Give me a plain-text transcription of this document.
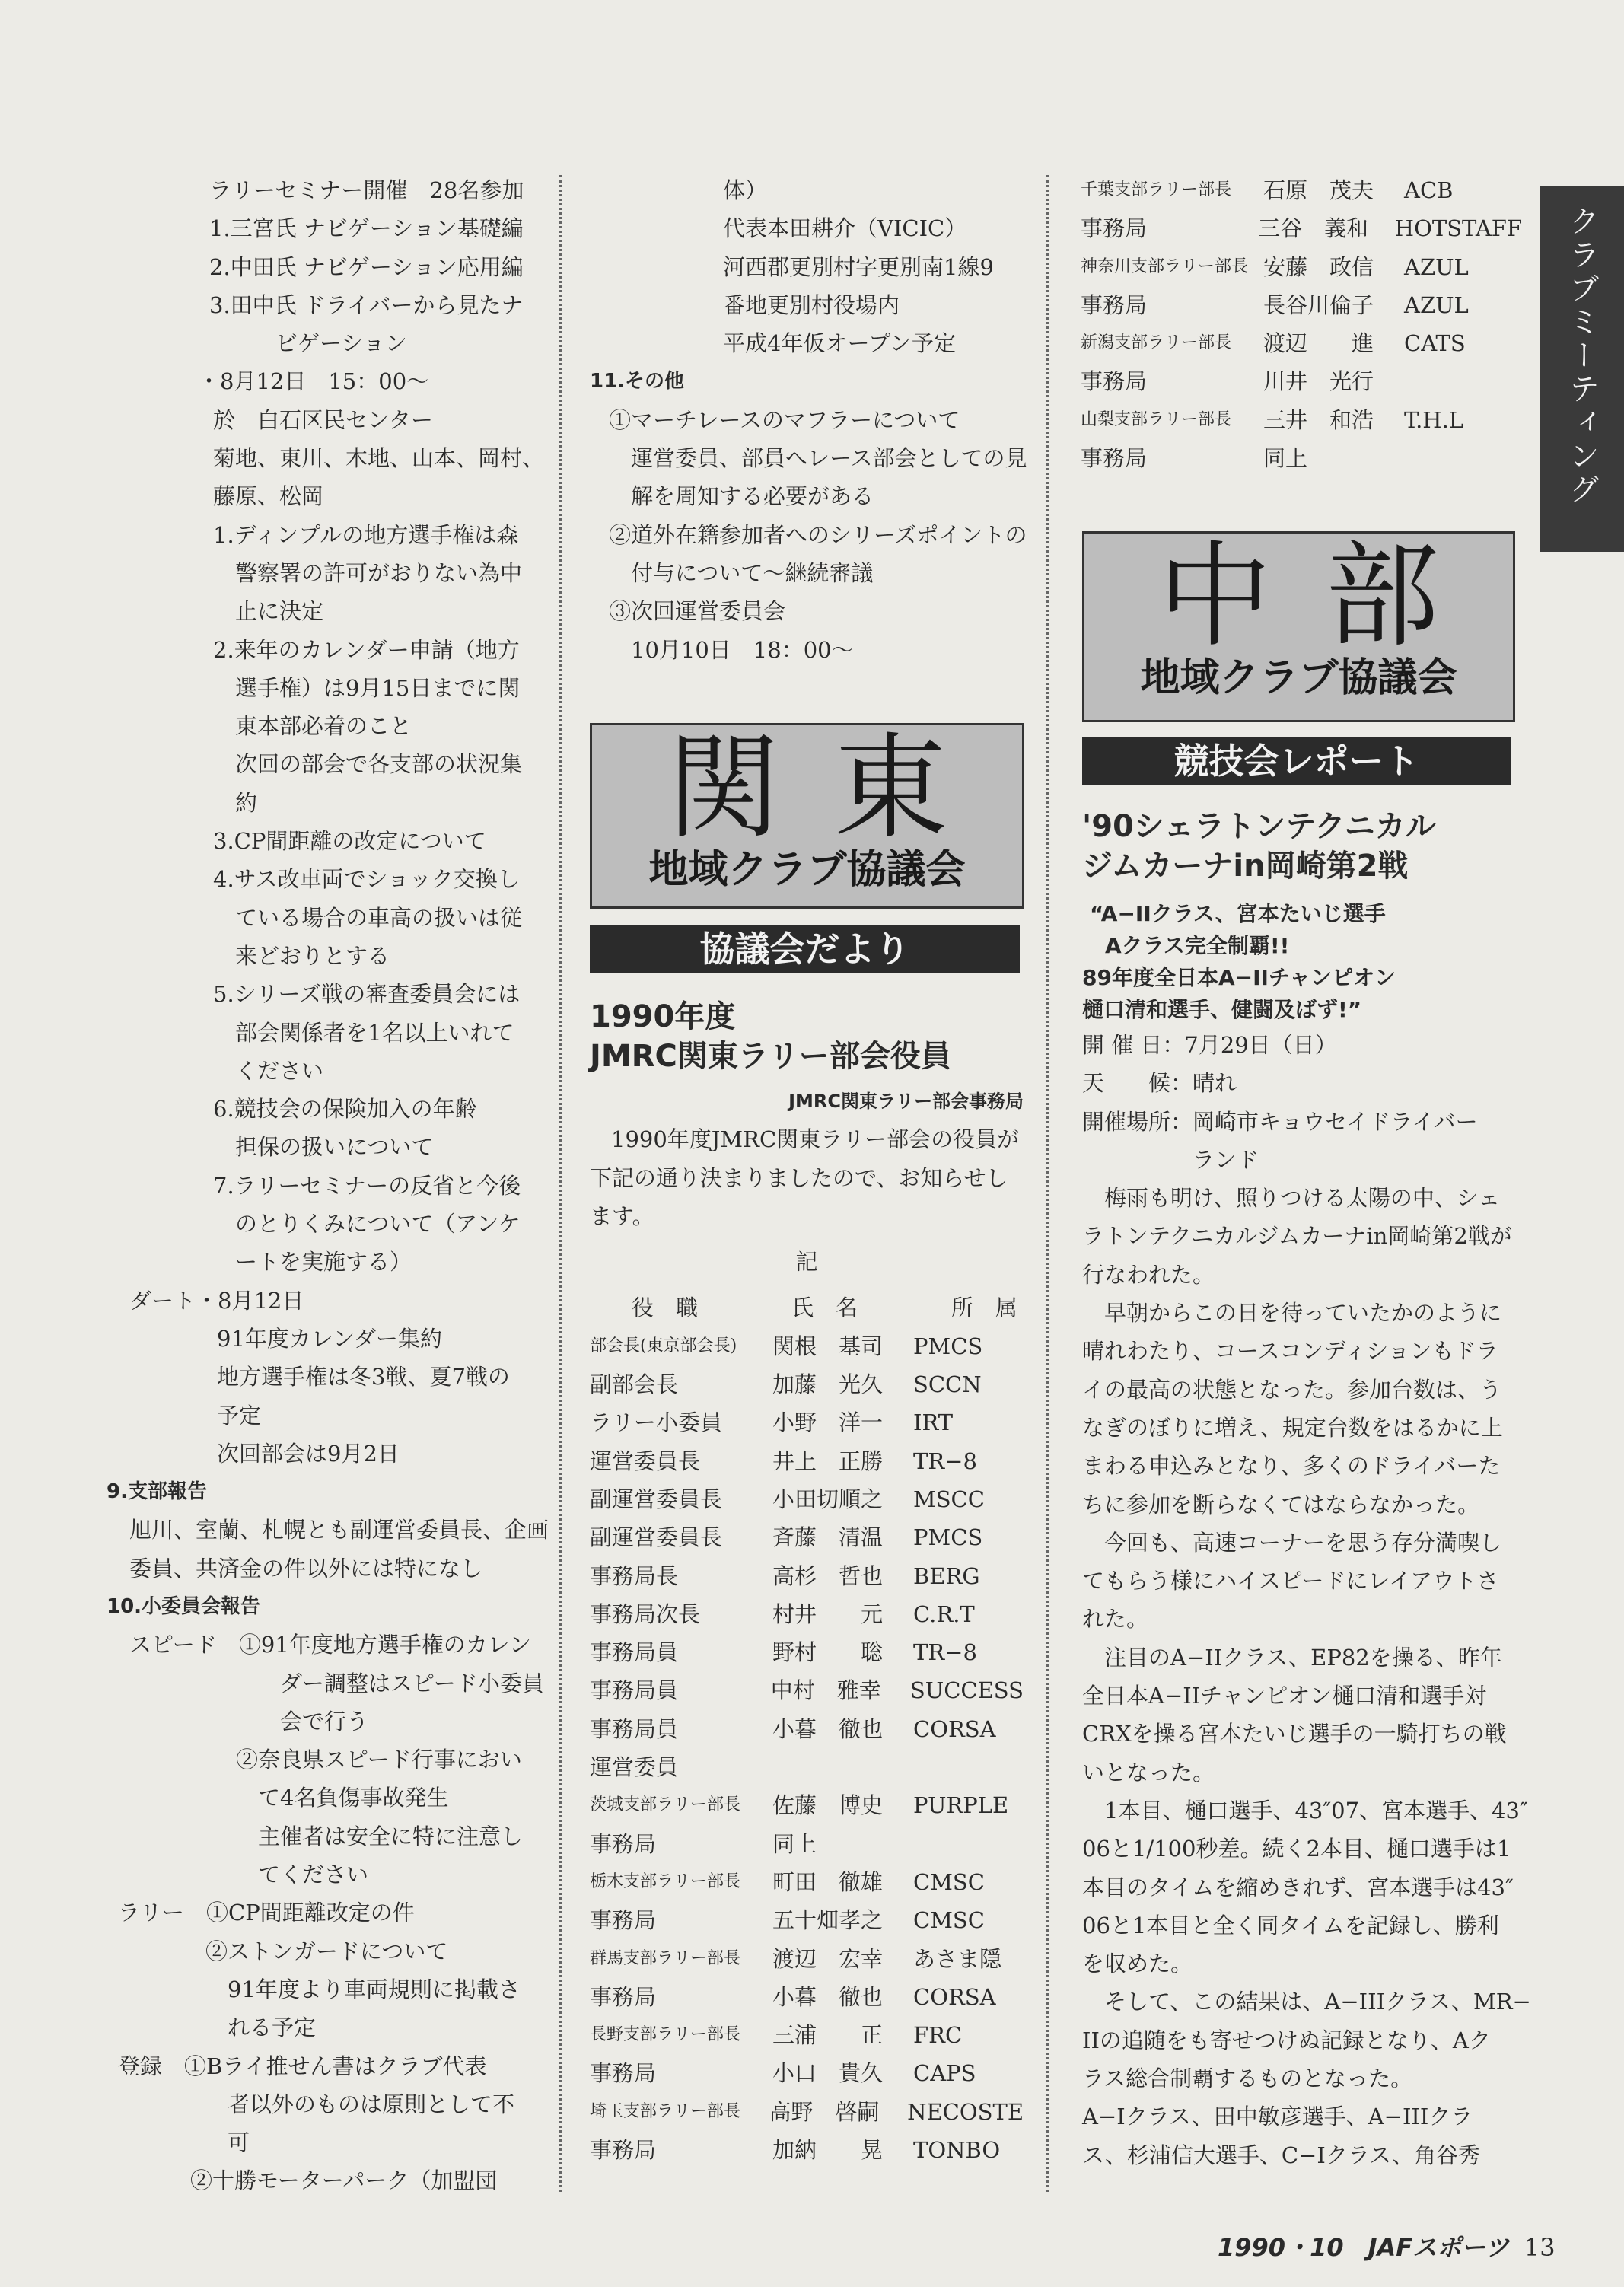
クラブミーティング
ラリーセミナー開催　28名参加
1.三宮氏 ナビゲーション基礎編
2.中田氏 ナビゲーション応用編
3.田中氏 ドライバーから見たナ
　　　ビゲーション
・8月12日　15：00〜
於　白石区民センター
菊地、東川、木地、山本、岡村、
藤原、松岡
1.ディンプルの地方選手権は森
　警察署の許可がおりない為中
　止に決定
2.来年のカレンダー申請（地方
　選手権）は9月15日までに関
　東本部必着のこと
　次回の部会で各支部の状況集
　約
3.CP間距離の改定について
4.サス改車両でショック交換し
　ている場合の車高の扱いは従
　来どおりとする
5.シリーズ戦の審査委員会には
　部会関係者を1名以上いれて
　ください
6.競技会の保険加入の年齢
　担保の扱いについて
7.ラリーセミナーの反省と今後
　のとりくみについて（アンケ
　ートを実施する）
ダート・8月12日
91年度カレンダー集約
地方選手権は冬3戦、夏7戦の
予定
次回部会は9月2日
9.支部報告
旭川、室蘭、札幌とも副運営委員長、企画
委員、共済金の件以外には特になし
10.小委員会報告
スピード　①91年度地方選手権のカレン
　　ダー調整はスピード小委員
　　会で行う
②奈良県スピード行事におい
　て4名負傷事故発生
　主催者は安全に特に注意し
　てください
ラリー　①CP間距離改定の件
②ストンガードについて
　91年度より車両規則に掲載さ
　れる予定
登録　①Bライ推せん書はクラブ代表
　者以外のものは原則として不
　可
②十勝モーターパーク（加盟団
体）
代表本田耕介（VICIC）
河西郡更別村字更別南1線9
番地更別村役場内
平成4年仮オープン予定
11.その他
①マーチレースのマフラーについて
　運営委員、部員へレース部会としての見
　解を周知する必要がある
②道外在籍参加者へのシリーズポイントの
　付与について〜継続審議
③次回運営委員会
　10月10日　18：00〜
関東
地域クラブ協議会
協議会だより
1990年度
JMRC関東ラリー部会役員
JMRC関東ラリー部会事務局
1990年度JMRC関東ラリー部会の役員が
下記の通り決まりましたので、お知らせし
ます。
記
役　職	氏　名	所　属
部会長(東京部会長)	関根　基司	PMCS
副部会長	加藤　光久	SCCN
ラリー小委員	小野　洋一	IRT
運営委員長	井上　正勝	TR−8
副運営委員長	小田切順之	MSCC
副運営委員長	斉藤　清温	PMCS
事務局長	高杉　哲也	BERG
事務局次長	村井　　元	C.R.T
事務局員	野村　　聡	TR−8
事務局員	中村　雅幸	SUCCESS
事務局員	小暮　徹也	CORSA
運営委員
茨城支部ラリー部長	佐藤　博史	PURPLE
事務局	同上
栃木支部ラリー部長	町田　徹雄	CMSC
事務局	五十畑孝之	CMSC
群馬支部ラリー部長	渡辺　宏幸	あさま隠
事務局	小暮　徹也	CORSA
長野支部ラリー部長	三浦　　正	FRC
事務局	小口　貴久	CAPS
埼玉支部ラリー部長	高野　啓嗣	NECOSTE
事務局	加納　　晃	TONBO
千葉支部ラリー部長	石原　茂夫	ACB
事務局	三谷　義和	HOTSTAFF
神奈川支部ラリー部長 安藤　政信	AZUL
事務局	長谷川倫子	AZUL
新潟支部ラリー部長	渡辺　　進	CATS
事務局	川井　光行
山梨支部ラリー部長	三井　和浩	T.H.L
事務局	同上
中部
地域クラブ協議会
競技会レポート
'90シェラトンテクニカル
ジムカーナin岡崎第2戦
“A−IIクラス、宮本たいじ選手
Aクラス完全制覇!!
89年度全日本A−IIチャンピオン
樋口清和選手、健闘及ばず!”
開 催 日：7月29日（日）
天　　候：晴れ
開催場所：岡崎市キョウセイドライバー
　　　　　ランド
　梅雨も明け、照りつける太陽の中、シェ
ラトンテクニカルジムカーナin岡崎第2戦が
行なわれた。
　早朝からこの日を待っていたかのように
晴れわたり、コースコンディションもドラ
イの最高の状態となった。参加台数は、う
なぎのぼりに増え、規定台数をはるかに上
まわる申込みとなり、多くのドライバーた
ちに参加を断らなくてはならなかった。
　今回も、高速コーナーを思う存分満喫し
てもらう様にハイスピードにレイアウトさ
れた。
　注目のA−IIクラス、EP82を操る、昨年
全日本A−IIチャンピオン樋口清和選手対
CRXを操る宮本たいじ選手の一騎打ちの戦
いとなった。
　1本目、樋口選手、43″07、宮本選手、43″
06と1/100秒差。続く2本目、樋口選手は1
本目のタイムを縮めきれず、宮本選手は43″
06と1本目と全く同タイムを記録し、勝利
を収めた。
　そして、この結果は、A−IIIクラス、MR−
IIの追随をも寄せつけぬ記録となり、Aク
ラス総合制覇するものとなった。
A−Iクラス、田中敏彦選手、A−IIIクラ
ス、杉浦信大選手、C−Iクラス、角谷秀
1990・10　JAFスポーツ 13
